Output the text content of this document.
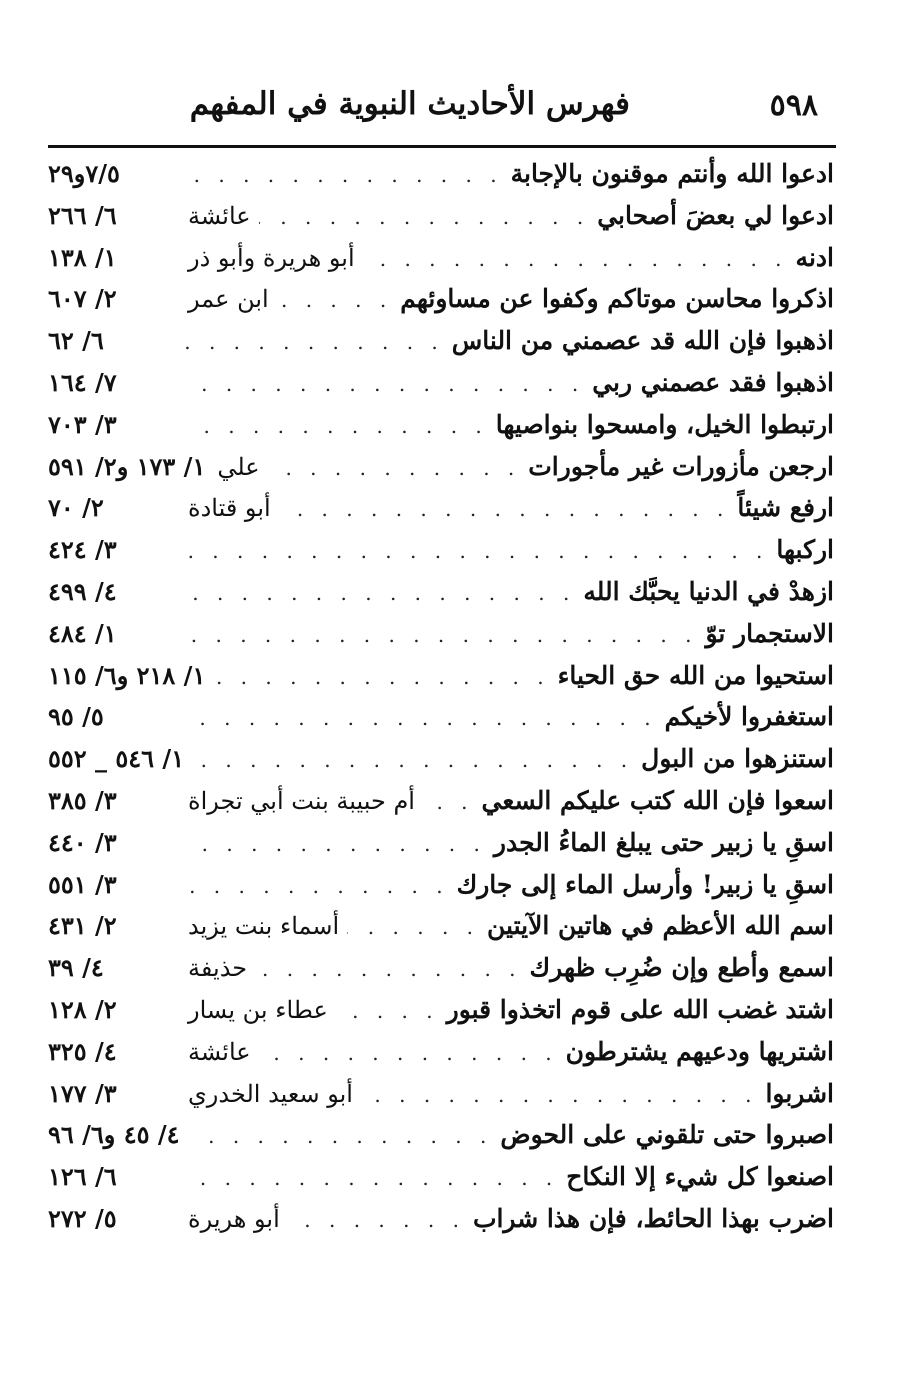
٥٩٨
فهرس الأحاديث النبوية في المفهم
ادعوا الله وأنتم موقنون بالإجابة
. . .
٧/٥و٢٩
ادعوا لي بعضَ أصحابي
. . .
عائشة
٦/ ٢٦٦
ادنه
. . .
أبو هريرة وأبو ذر
١/ ١٣٨
اذكروا محاسن موتاكم وكفوا عن مساوئهم
. . .
ابن عمر
٢/ ٦٠٧
اذهبوا فإن الله قد عصمني من الناس
. . .
٦/ ٦٢
اذهبوا فقد عصمني ربي
. . .
٧/ ١٦٤
ارتبطوا الخيل، وامسحوا بنواصيها
. . .
٣/ ٧٠٣
ارجعن مأزورات غير مأجورات
. . .
علي
١/ ١٧٣ و٢/ ٥٩١
ارفع شيئاً
. . .
أبو قتادة
٢/ ٧٠
اركبها
. . .
٣/ ٤٢٤
ازهدْ في الدنيا يحبَّك الله
. . .
٤/ ٤٩٩
الاستجمار توّ
. . .
١/ ٤٨٤
استحيوا من الله حق الحياء
. . .
١/ ٢١٨ و٦/ ١١٥
استغفروا لأخيكم
. . .
٥/ ٩٥
استنزهوا من البول
. . .
١/ ٥٤٦ _ ٥٥٢
اسعوا فإن الله كتب عليكم السعي
. . .
أم حبيبة بنت أبي تجراة
٣/ ٣٨٥
اسقِ يا زبير حتى يبلغ الماءُ الجدر
. . .
٣/ ٤٤٠
اسقِ يا زبير! وأرسل الماء إلى جارك
. . .
٣/ ٥٥١
اسم الله الأعظم في هاتين الآيتين
. . .
أسماء بنت يزيد
٢/ ٤٣١
اسمع وأطع وإن ضُرِب ظهرك
. . .
حذيفة
٤/ ٣٩
اشتد غضب الله على قوم اتخذوا قبور
. . .
عطاء بن يسار
٢/ ١٢٨
اشتريها ودعيهم يشترطون
. . .
عائشة
٤/ ٣٢٥
اشربوا
. . .
أبو سعيد الخدري
٣/ ١٧٧
اصبروا حتى تلقوني على الحوض
. . .
٤/ ٤٥ و٦/ ٩٦
اصنعوا كل شيء إلا النكاح
. . .
٦/ ١٢٦
اضرب بهذا الحائط، فإن هذا شراب
. . .
أبو هريرة
٥/ ٢٧٢
